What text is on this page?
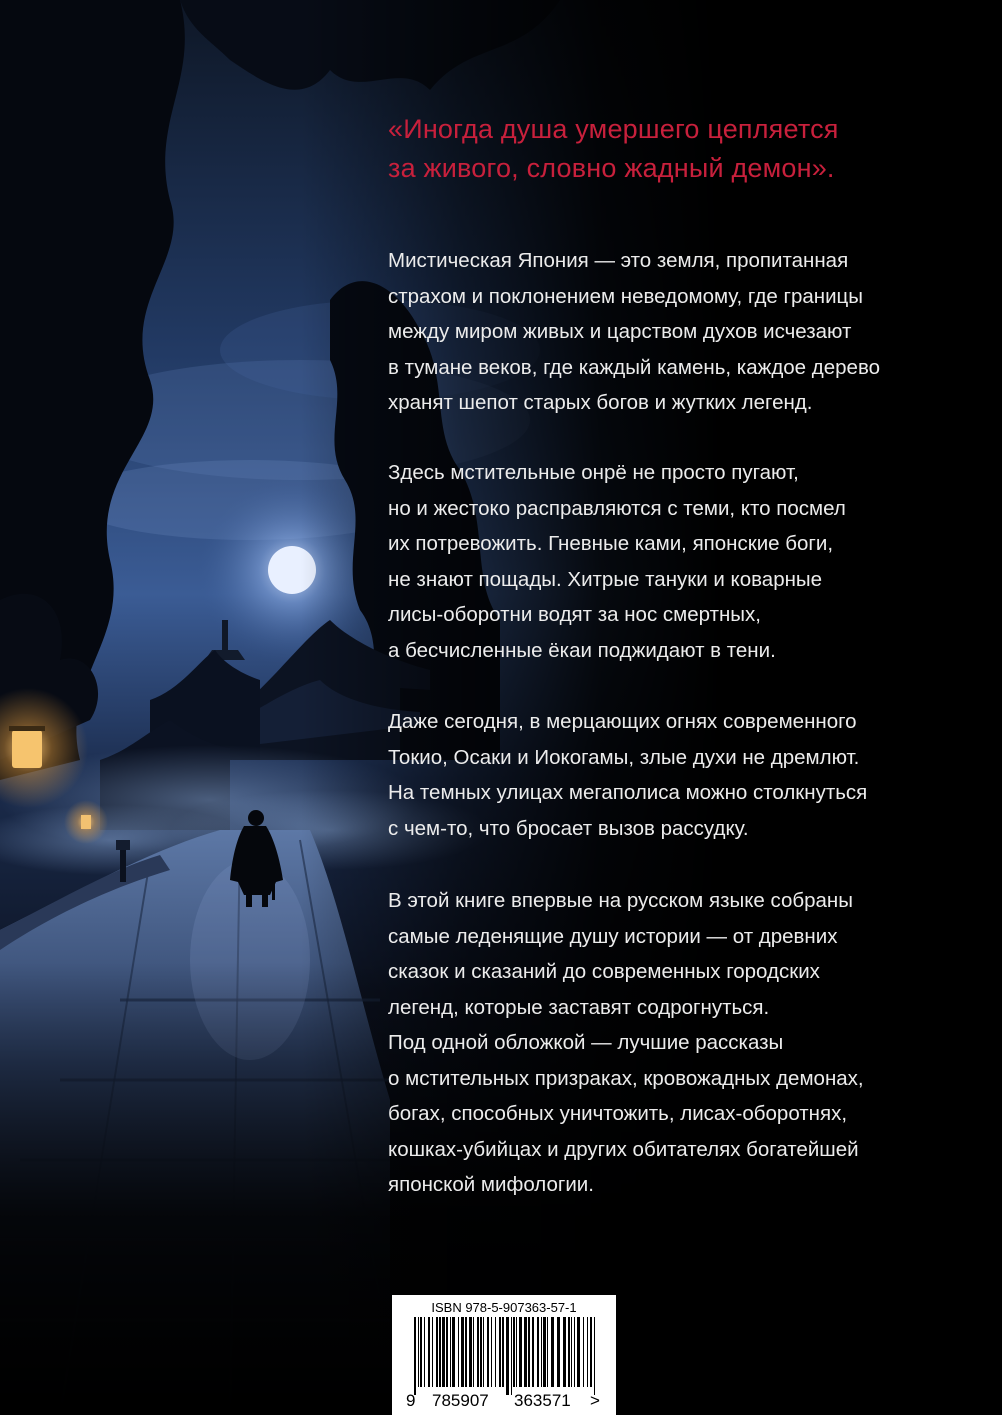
«Иногда душа умершего цепляется
за живого, словно жадный демон».
Мистическая Япония — это земля, пропитанная
страхом и поклонением неведомому, где границы
между миром живых и царством духов исчезают
в тумане веков, где каждый камень, каждое дерево
хранят шепот старых богов и жутких легенд.
Здесь мстительные онрё не просто пугают,
но и жестоко расправляются с теми, кто посмел
их потревожить. Гневные ками, японские боги,
не знают пощады. Хитрые тануки и коварные
лисы-оборотни водят за нос смертных,
а бесчисленные ёкаи поджидают в тени.
Даже сегодня, в мерцающих огнях современного
Токио, Осаки и Иокогамы, злые духи не дремлют.
На темных улицах мегаполиса можно столкнуться
с чем-то, что бросает вызов рассудку.
В этой книге впервые на русском языке собраны
самые леденящие душу истории — от древних
сказок и сказаний до современных городских
легенд, которые заставят содрогнуться.
Под одной обложкой — лучшие рассказы
о мстительных призраках, кровожадных демонах,
богах, способных уничтожить, лисах-оборотнях,
кошках-убийцах и других обитателях богатейшей
японской мифологии.
ISBN 978-5-907363-57-1
9 785907 363571 >
